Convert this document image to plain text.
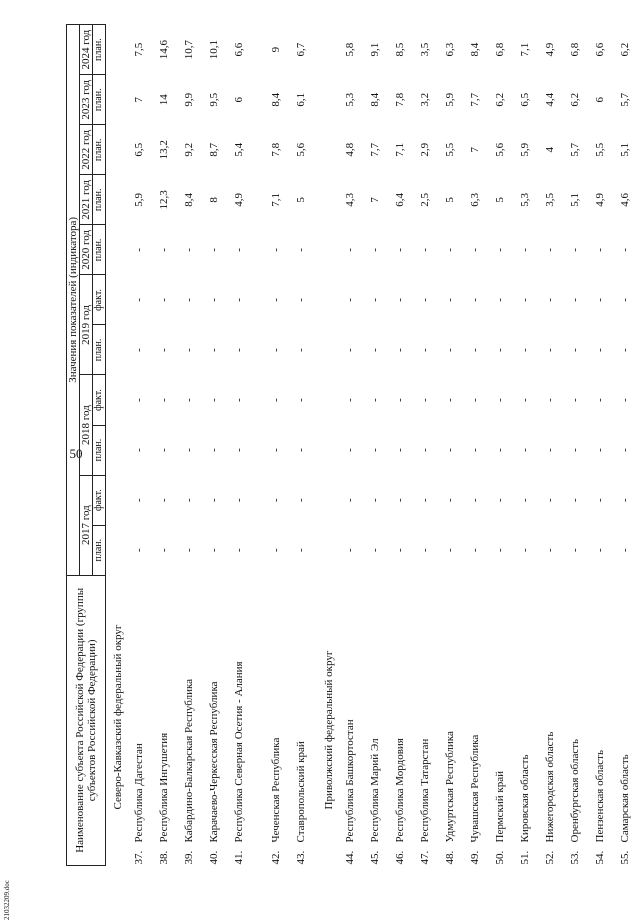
50
21032209.doc
Наименование субъекта Российской Федерации (группы субъектов Российской Федерации)	Значения показателей (индикатора)										
	2017 год		2018 год		2019 год		2020 год	2021 год	2022 год	2023 год	2024 год
	план.	факт.	план.	факт.	план.	факт.	план.	план.	план.	план.	план.
Северо-Кавказский федеральный округ											
37.Республика Дагестан	-	-	-	-	-	-	-	5,9	6,5	7	7,5
38.Республика Ингушетия	-	-	-	-	-	-	-	12,3	13,2	14	14,6
39.Кабардино-Балкарская Республика	-	-	-	-	-	-	-	8,4	9,2	9,9	10,7
40.Карачаево-Черкесская Республика	-	-	-	-	-	-	-	8	8,7	9,5	10,1
41.Республика Северная Осетия - Алания	-	-	-	-	-	-	-	4,9	5,4	6	6,6
42.Чеченская Республика	-	-	-	-	-	-	-	7,1	7,8	8,4	9
43.Ставропольский край	-	-	-	-	-	-	-	5	5,6	6,1	6,7
Приволжский федеральный округ											
44.Республика Башкортостан	-	-	-	-	-	-	-	4,3	4,8	5,3	5,8
45.Республика Марий Эл	-	-	-	-	-	-	-	7	7,7	8,4	9,1
46.Республика Мордовия	-	-	-	-	-	-	-	6,4	7,1	7,8	8,5
47.Республика Татарстан	-	-	-	-	-	-	-	2,5	2,9	3,2	3,5
48.Удмуртская Республика	-	-	-	-	-	-	-	5	5,5	5,9	6,3
49.Чувашская Республика	-	-	-	-	-	-	-	6,3	7	7,7	8,4
50.Пермский край	-	-	-	-	-	-	-	5	5,6	6,2	6,8
51.Кировская область	-	-	-	-	-	-	-	5,3	5,9	6,5	7,1
52.Нижегородская область	-	-	-	-	-	-	-	3,5	4	4,4	4,9
53.Оренбургская область	-	-	-	-	-	-	-	5,1	5,7	6,2	6,8
54.Пензенская область	-	-	-	-	-	-	-	4,9	5,5	6	6,6
55.Самарская область	-	-	-	-	-	-	-	4,6	5,1	5,7	6,2
